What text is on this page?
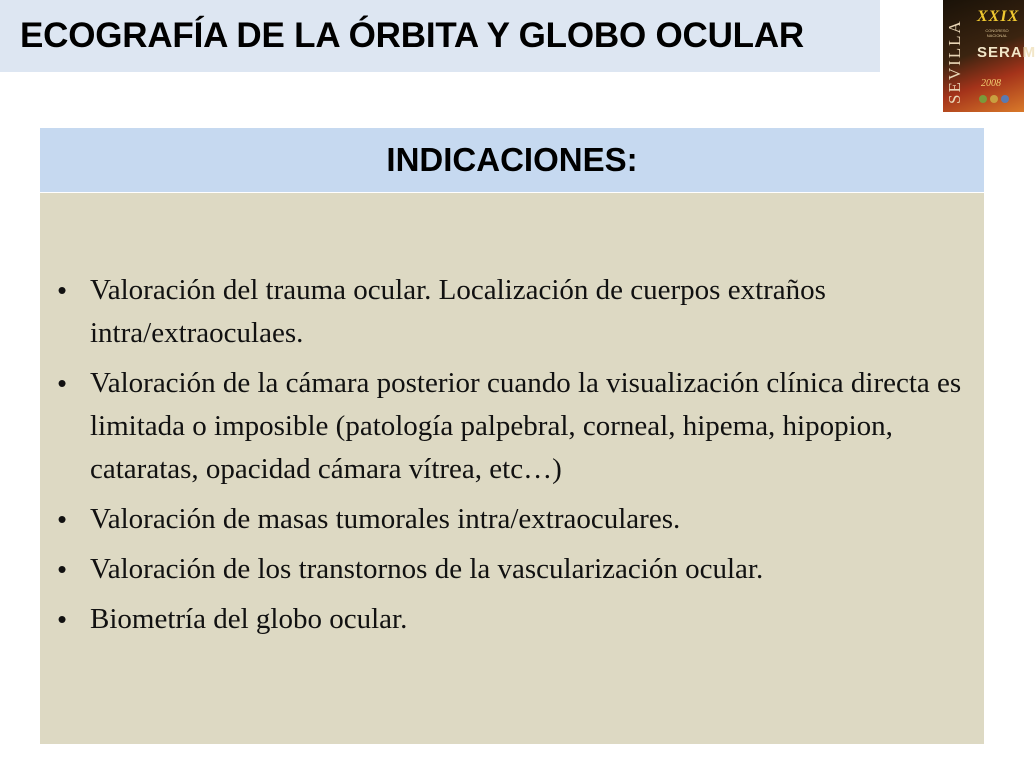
ECOGRAFÍA DE LA ÓRBITA Y GLOBO OCULAR	SEVILLA
XXIX
CONGRESO NACIONAL
SERAM
2008
INDICACIONES:
• Valoración del trauma ocular. Localización de cuerpos extraños intra/extraoculaes.
• Valoración de la cámara posterior cuando la visualización clínica directa es limitada o imposible (patología palpebral, corneal, hipema, hipopion, cataratas, opacidad cámara vítrea, etc…)
• Valoración de masas tumorales intra/extraoculares.
• Valoración de los transtornos de la vascularización ocular.
• Biometría del globo ocular.
